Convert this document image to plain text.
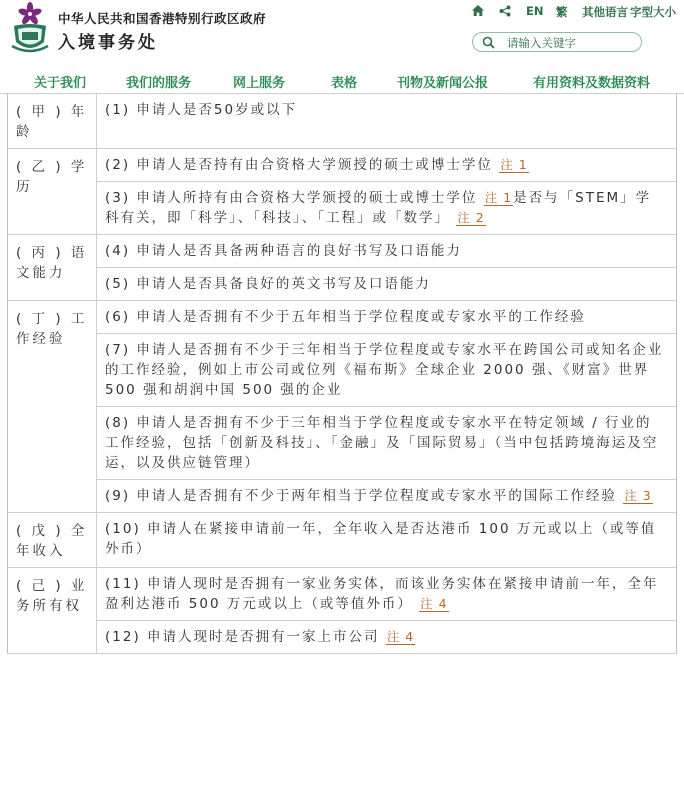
中华人民共和国香港特别行政区政府
入境事务处
EN 繁 其他语言 字型大小
请输入关键字
关于我们	我们的服务	网上服务	表格	刊物及新闻公报	有用资料及数据资料
( 甲 ) 年龄
(1) 申请人是否50岁或以下
( 乙 ) 学历
(2) 申请人是否持有由合资格大学颁授的硕士或博士学位 注 1
(3) 申请人所持有由合资格大学颁授的硕士或博士学位 注 1是否与「STEM」学科有关，即「科学」、「科技」、「工程」或「数学」 注 2
( 丙 ) 语文能力
(4) 申请人是否具备两种语言的良好书写及口语能力
(5) 申请人是否具备良好的英文书写及口语能力
( 丁 ) 工作经验
(6) 申请人是否拥有不少于五年相当于学位程度或专家水平的工作经验
(7) 申请人是否拥有不少于三年相当于学位程度或专家水平在跨国公司或知名企业的工作经验，例如上市公司或位列《福布斯》全球企业 2000 强、《财富》世界 500 强和胡润中国 500 强的企业
(8) 申请人是否拥有不少于三年相当于学位程度或专家水平在特定领域 / 行业的工作经验，包括「创新及科技」、「金融」及「国际贸易」（当中包括跨境海运及空运，以及供应链管理）
(9) 申请人是否拥有不少于两年相当于学位程度或专家水平的国际工作经验 注 3
( 戊 ) 全年收入
(10) 申请人在紧接申请前一年，全年收入是否达港币 100 万元或以上（或等值外币）
( 己 ) 业务所有权
(11) 申请人现时是否拥有一家业务实体，而该业务实体在紧接申请前一年，全年盈利达港币 500 万元或以上（或等值外币） 注 4
(12) 申请人现时是否拥有一家上市公司 注 4
